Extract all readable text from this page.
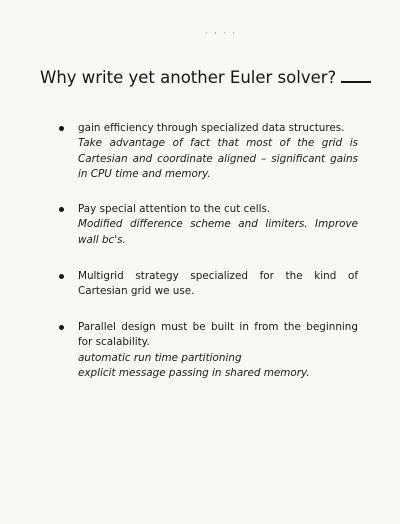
. , . .
Why write yet another Euler solver?
gain efficiency through specialized data structures.
Take advantage of fact that most of the grid is
Cartesian and coordinate aligned – significant gains
in CPU time and memory.
Pay special attention to the cut cells.
Modified difference scheme and limiters. Improve
wall bc's.
Multigrid strategy specialized for the kind of
Cartesian grid we use.
Parallel design must be built in from the beginning
for scalability.
automatic run time partitioning
explicit message passing in shared memory.
